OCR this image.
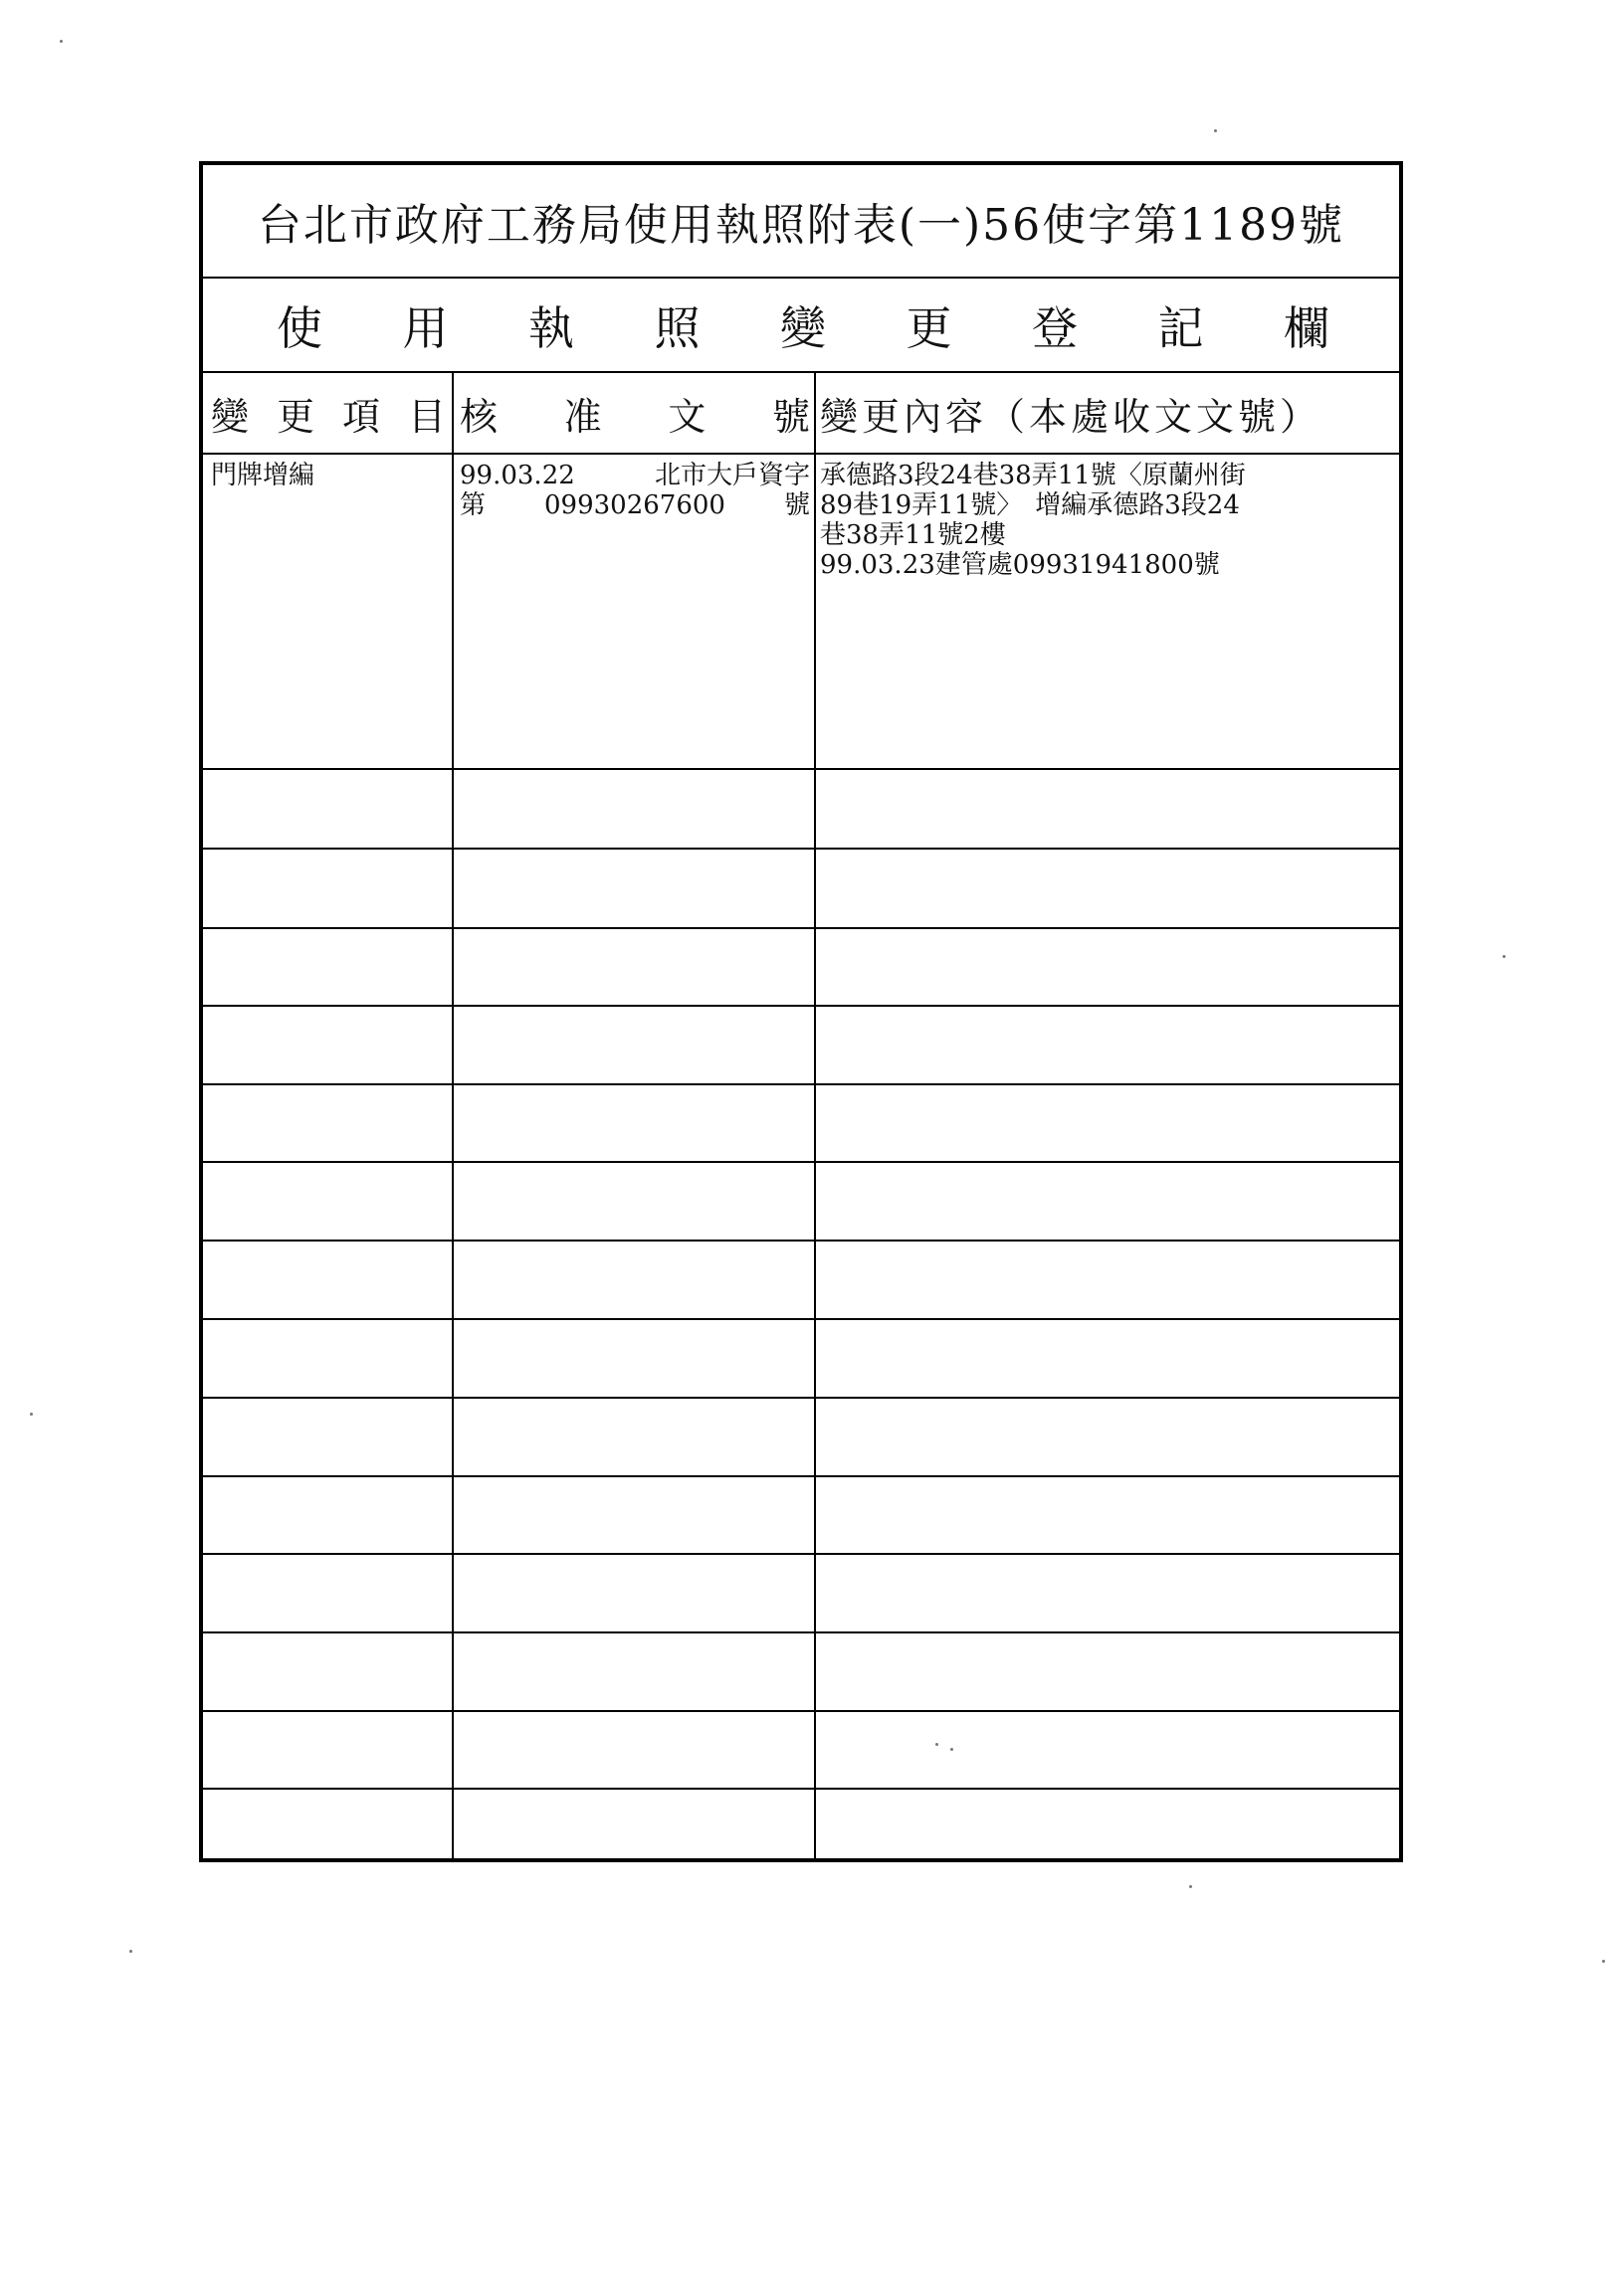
台北市政府工務局使用執照附表(一)56使字第1189號
使 用 執 照 變 更 登 記 欄
變 更 項 目 核 准 文 號 變更內容（本處收文文號）
門牌增編	99.03.22	北市大戶資字
第 09930267600 號
承德路3段24巷38弄11號〈原蘭州街
89巷19弄11號〉　增編承德路3段24
巷38弄11號2樓
99.03.23建管處09931941800號
